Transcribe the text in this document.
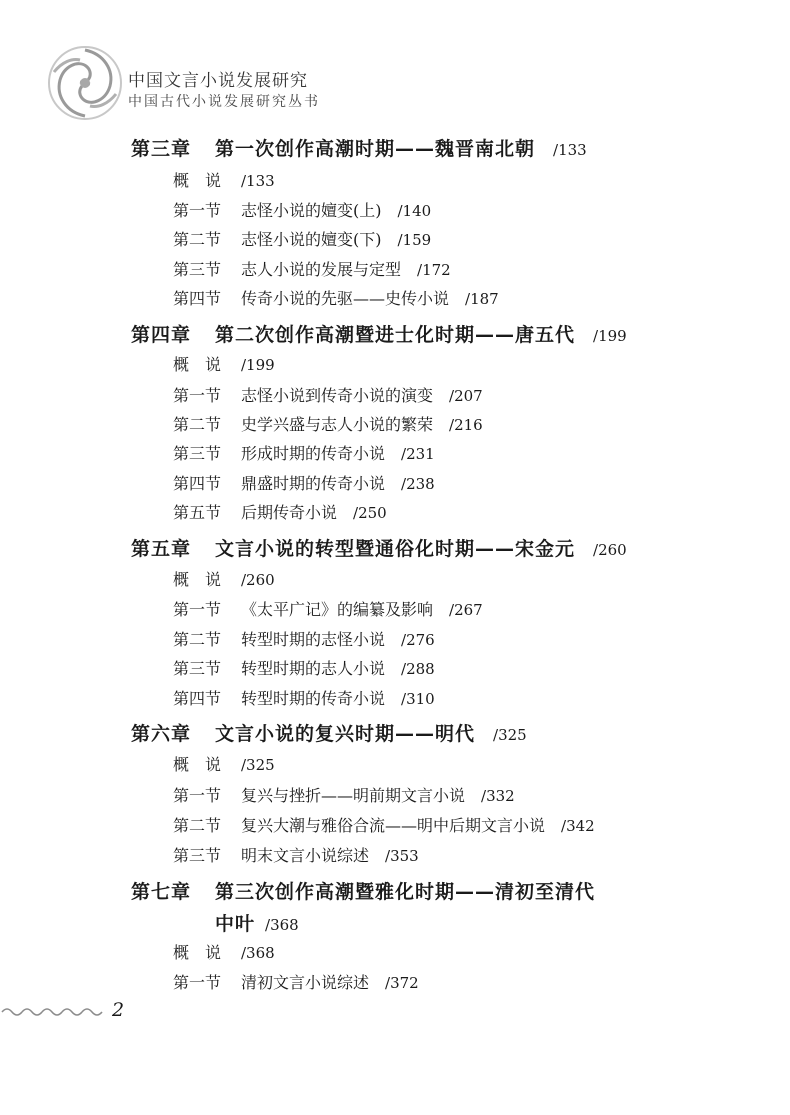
中国文言小说发展研究
中国古代小说发展研究丛书
第三章 第一次创作高潮时期——魏晋南北朝 /133
概　说 /133
第一节 志怪小说的嬗变(上) /140
第二节 志怪小说的嬗变(下) /159
第三节 志人小说的发展与定型 /172
第四节 传奇小说的先驱——史传小说 /187
第四章 第二次创作高潮暨进士化时期——唐五代 /199
概　说 /199
第一节 志怪小说到传奇小说的演变 /207
第二节 史学兴盛与志人小说的繁荣 /216
第三节 形成时期的传奇小说 /231
第四节 鼎盛时期的传奇小说 /238
第五节 后期传奇小说 /250
第五章 文言小说的转型暨通俗化时期——宋金元 /260
概　说 /260
第一节 《太平广记》的编纂及影响 /267
第二节 转型时期的志怪小说 /276
第三节 转型时期的志人小说 /288
第四节 转型时期的传奇小说 /310
第六章 文言小说的复兴时期——明代 /325
概　说 /325
第一节 复兴与挫折——明前期文言小说 /332
第二节 复兴大潮与雅俗合流——明中后期文言小说 /342
第三节 明末文言小说综述 /353
第七章 第三次创作高潮暨雅化时期——清初至清代
中叶 /368
概　说 /368
第一节 清初文言小说综述 /372
2
